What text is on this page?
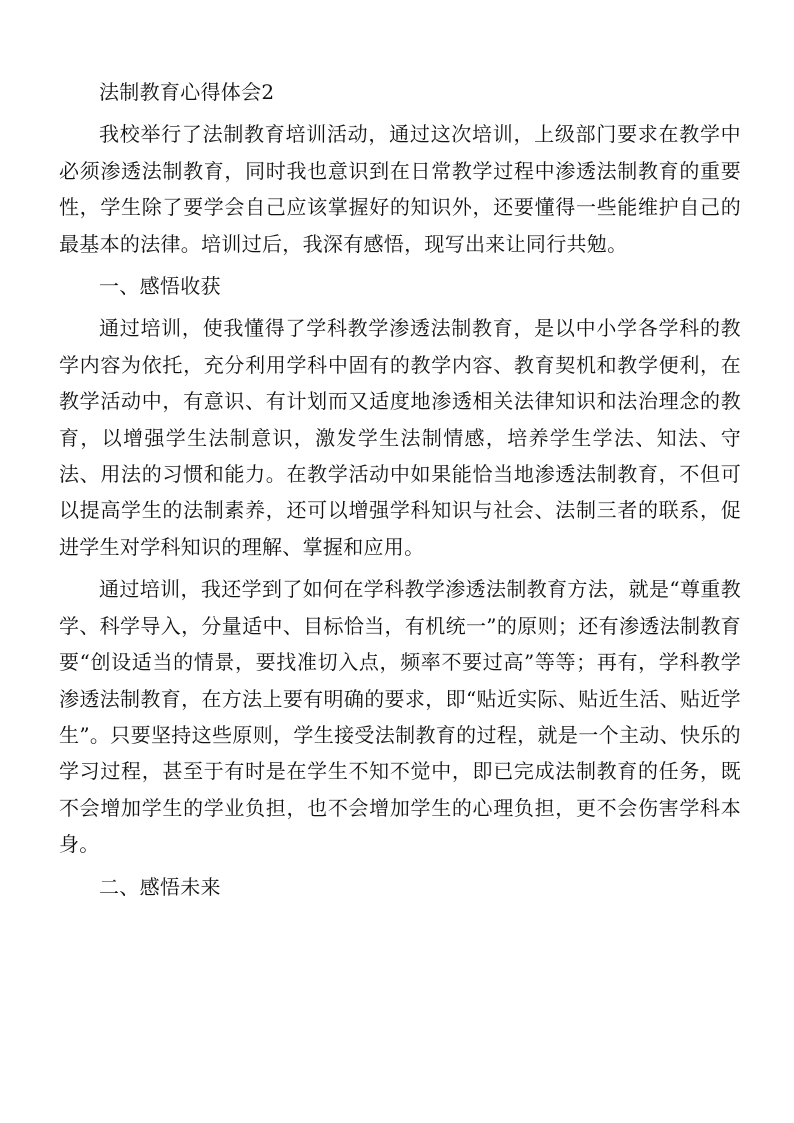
法制教育心得体会2

我校举行了法制教育培训活动，通过这次培训，上级部门要求在教学中必须渗透法制教育，同时我也意识到在日常教学过程中渗透法制教育的重要性，学生除了要学会自己应该掌握好的知识外，还要懂得一些能维护自己的最基本的法律。培训过后，我深有感悟，现写出来让同行共勉。

一、感悟收获

通过培训，使我懂得了学科教学渗透法制教育，是以中小学各学科的教学内容为依托，充分利用学科中固有的教学内容、教育契机和教学便利，在教学活动中，有意识、有计划而又适度地渗透相关法律知识和法治理念的教育，以增强学生法制意识，激发学生法制情感，培养学生学法、知法、守法、用法的习惯和能力。在教学活动中如果能恰当地渗透法制教育，不但可以提高学生的法制素养，还可以增强学科知识与社会、法制三者的联系，促进学生对学科知识的理解、掌握和应用。

通过培训，我还学到了如何在学科教学渗透法制教育方法，就是“尊重教学、科学导入，分量适中、目标恰当，有机统一”的原则；还有渗透法制教育要“创设适当的情景，要找准切入点，频率不要过高”等等；再有，学科教学渗透法制教育，在方法上要有明确的要求，即“贴近实际、贴近生活、贴近学生”。只要坚持这些原则，学生接受法制教育的过程，就是一个主动、快乐的学习过程，甚至于有时是在学生不知不觉中，即已完成法制教育的任务，既不会增加学生的学业负担，也不会增加学生的心理负担，更不会伤害学科本身。

二、感悟未来
